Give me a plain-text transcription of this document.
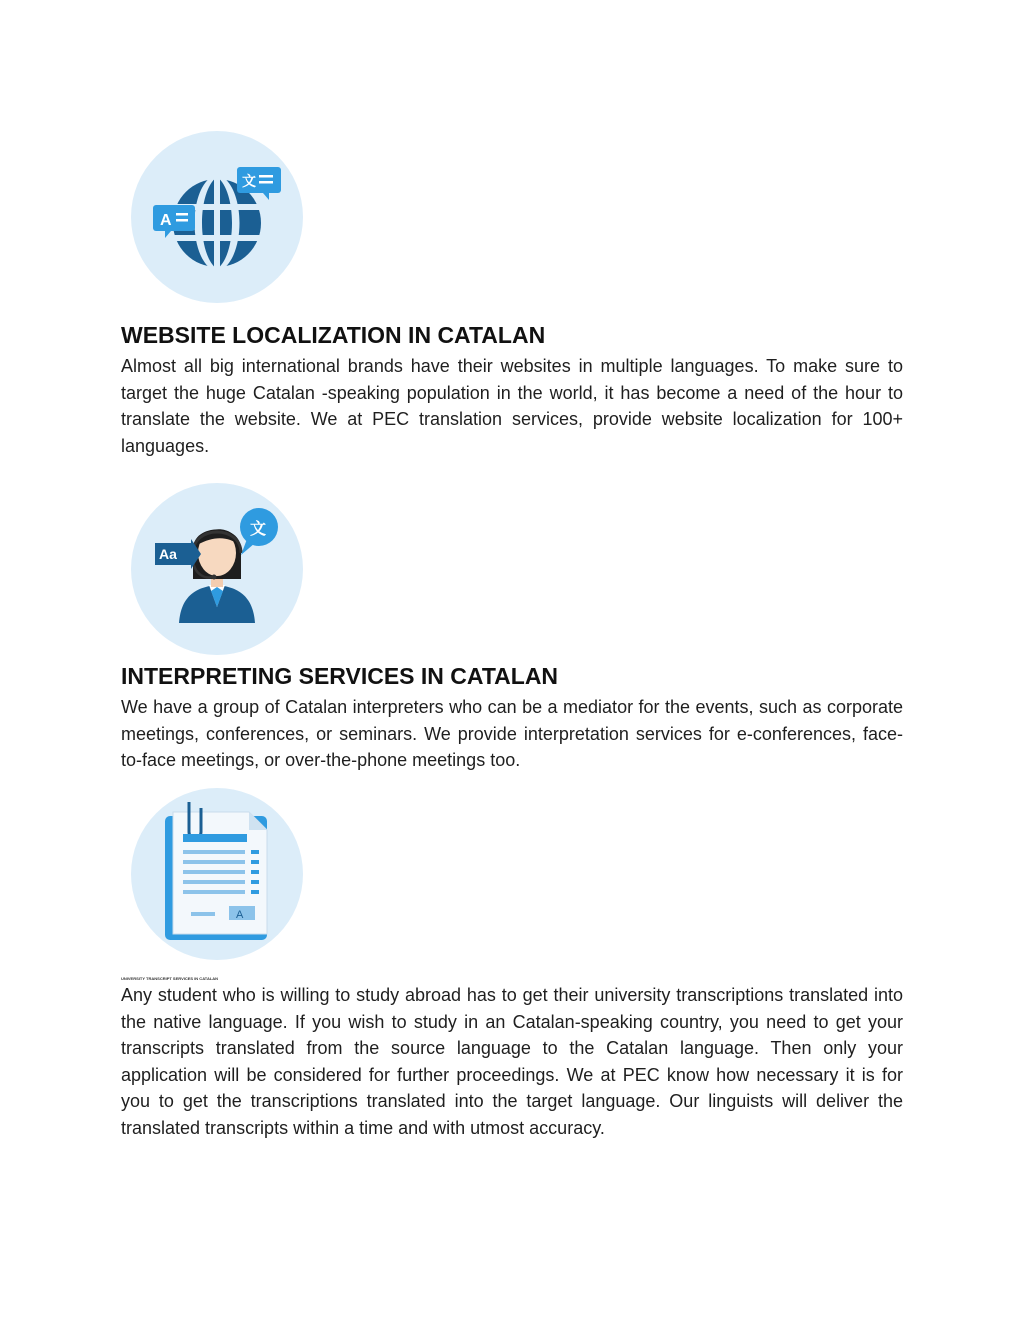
A
文
WEBSITE LOCALIZATION IN CATALAN

Almost all big international brands have their websites in multiple languages. To make sure to target the huge Catalan -speaking population in the world, it has become a need of the hour to translate the website. We at PEC translation services, provide website localization for 100+ languages.

Aa
文
INTERPRETING SERVICES IN CATALAN

We have a group of Catalan interpreters who can be a mediator for the events, such as corporate meetings, conferences, or seminars. We provide interpretation services for e-conferences, face-to-face meetings, or over-the-phone meetings too.

A
UNIVERSITY TRANSCRIPT SERVICES IN CATALAN

Any student who is willing to study abroad has to get their university transcriptions translated into the native language. If you wish to study in an Catalan-speaking country, you need to get your transcripts translated from the source language to the Catalan language. Then only your application will be considered for further proceedings. We at PEC know how necessary it is for you to get the transcriptions translated into the target language. Our linguists will deliver the translated transcripts within a time and with utmost accuracy.
